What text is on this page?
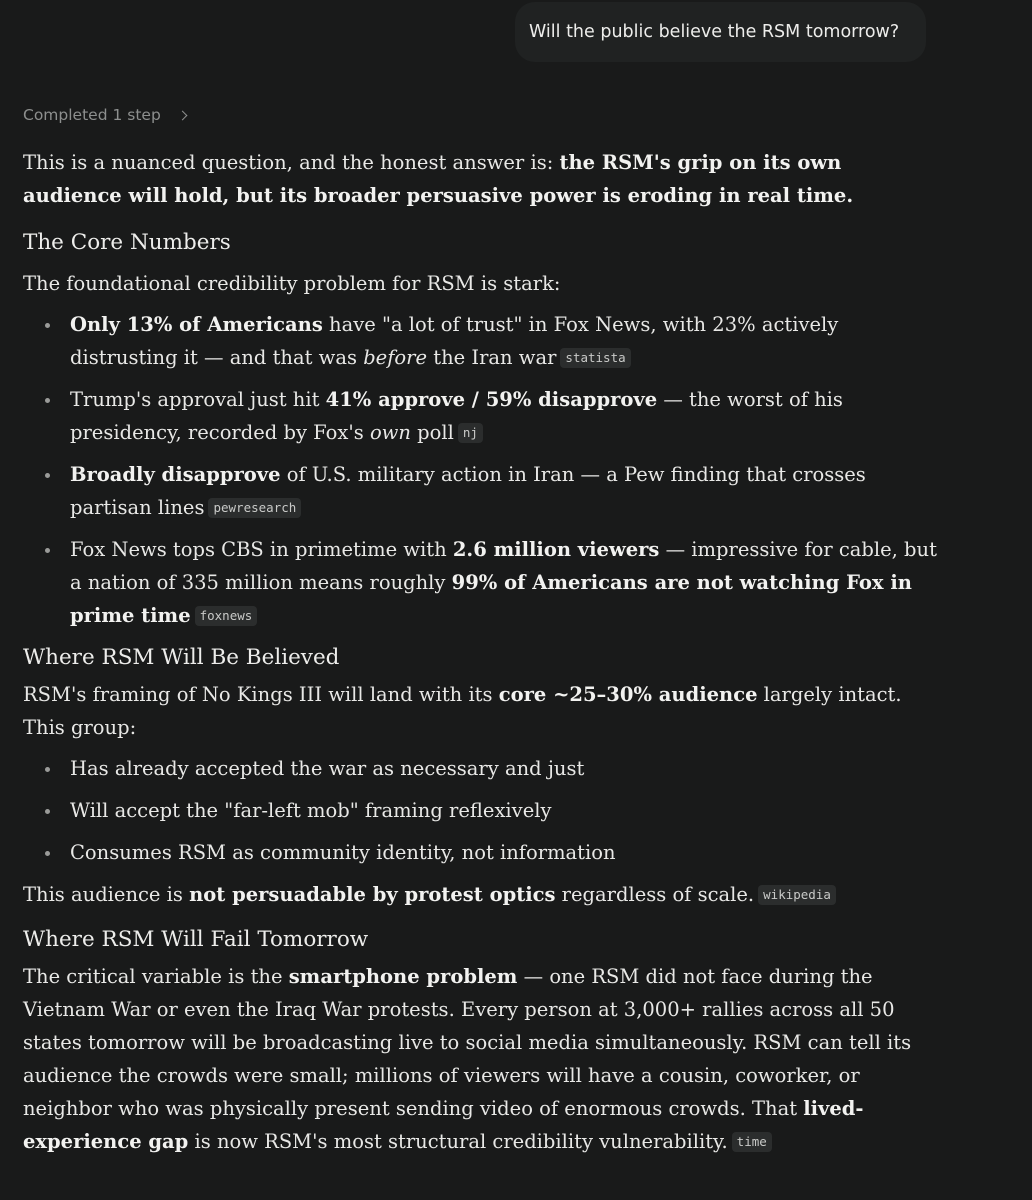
Will the public believe the RSM tomorrow?
Completed 1 step

This is a nuanced question, and the honest answer is: the RSM's grip on its own audience will hold, but its broader persuasive power is eroding in real time.

The Core Numbers

The foundational credibility problem for RSM is stark:

Only 13% of Americans have "a lot of trust" in Fox News, with 23% actively distrusting it — and that was before the Iran war statista
Trump's approval just hit 41% approve / 59% disapprove — the worst of his presidency, recorded by Fox's own poll nj
Broadly disapprove of U.S. military action in Iran — a Pew finding that crosses partisan lines pewresearch
Fox News tops CBS in primetime with 2.6 million viewers — impressive for cable, but a nation of 335 million means roughly 99% of Americans are not watching Fox in prime time foxnews
Where RSM Will Be Believed

RSM's framing of No Kings III will land with its core ~25–30% audience largely intact. This group:

Has already accepted the war as necessary and just
Will accept the "far-left mob" framing reflexively
Consumes RSM as community identity, not information

This audience is not persuadable by protest optics regardless of scale. wikipedia

Where RSM Will Fail Tomorrow

The critical variable is the smartphone problem — one RSM did not face during the Vietnam War or even the Iraq War protests. Every person at 3,000+ rallies across all 50 states tomorrow will be broadcasting live to social media simultaneously. RSM can tell its audience the crowds were small; millions of viewers will have a cousin, coworker, or neighbor who was physically present sending video of enormous crowds. That lived-experience gap is now RSM's most structural credibility vulnerability. time
